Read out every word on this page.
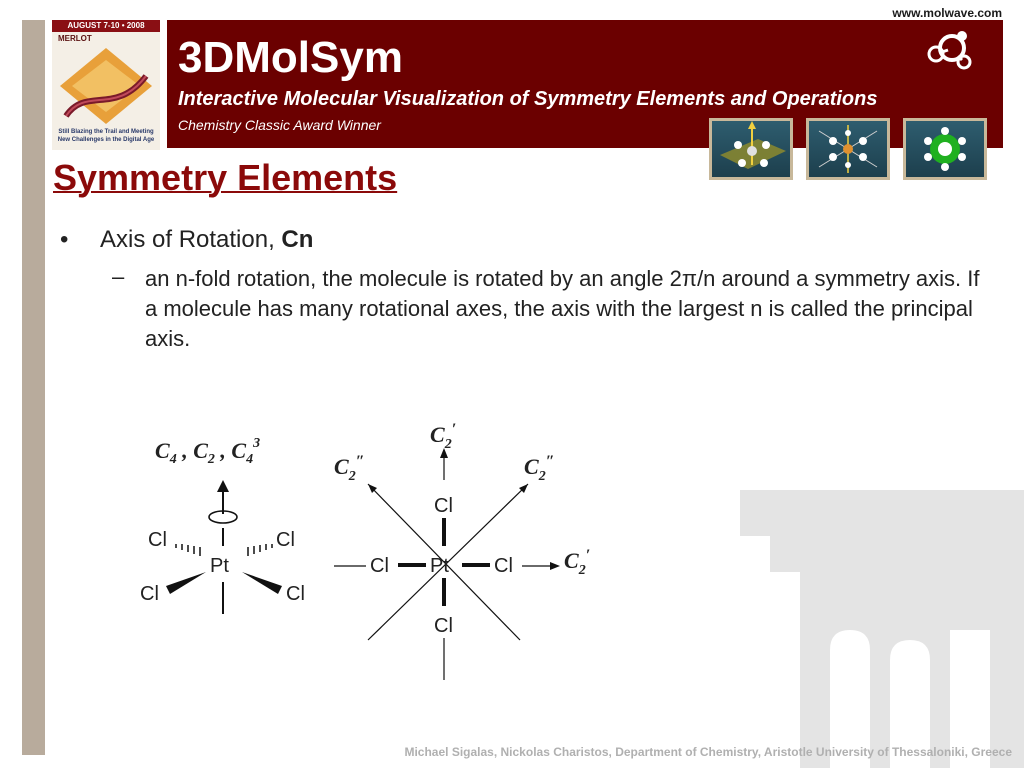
www.molwave.com
AUGUST 7-10 • 2008
MERLOT
Still Blazing the Trail and Meeting New Challenges in the Digital Age
3DMolSym
Interactive Molecular Visualization of Symmetry Elements and Operations
Chemistry Classic Award Winner
Symmetry Elements
• Axis of Rotation, Cn
– an n-fold rotation, the molecule is rotated by an angle 2π/n around a symmetry axis. If a molecule has many rotational axes, the axis with the largest n is called the principal axis.
$C_4$ , $C_2$ , $C_4^3$
Pt
Cl	Cl
Cl	Cl
$C_2'$
$C_2''$	$C_2''$
$C_2'$
Cl
Pt
Cl
Cl	Cl
Michael Sigalas, Nickolas Charistos, Department of Chemistry, Aristotle University of Thessaloniki, Greece
